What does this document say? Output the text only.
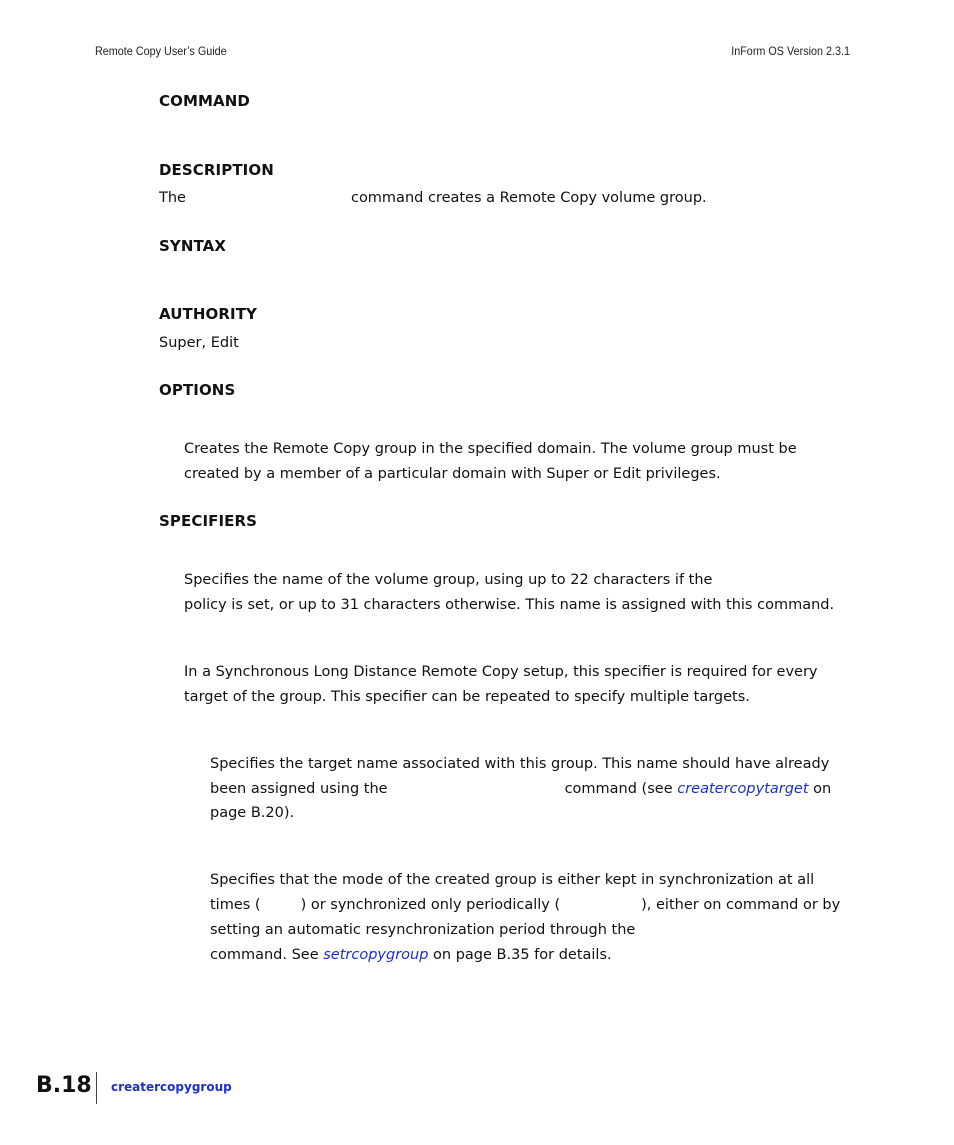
Remote Copy User’s Guide	InForm OS Version 2.3.1
COMMAND
DESCRIPTION

The	command creates a Remote Copy volume group.

SYNTAX
AUTHORITY

Super, Edit

OPTIONS

Creates the Remote Copy group in the specified domain. The volume group must be

created by a member of a particular domain with Super or Edit privileges.

SPECIFIERS

Specifies the name of the volume group, using up to 22 characters if the

policy is set, or up to 31 characters otherwise. This name is assigned with this command.

In a Synchronous Long Distance Remote Copy setup, this specifier is required for every

target of the group. This specifier can be repeated to specify multiple targets.

Specifies the target name associated with this group. This name should have already

been assigned using the	command (see creatercopytarget on

page B.20).

Specifies that the mode of the created group is either kept in synchronization at all

times (	) or synchronized only periodically (	), either on command or by

setting an automatic resynchronization period through the

command. See setrcopygroup on page B.35 for details.

B.18 creatercopygroup
